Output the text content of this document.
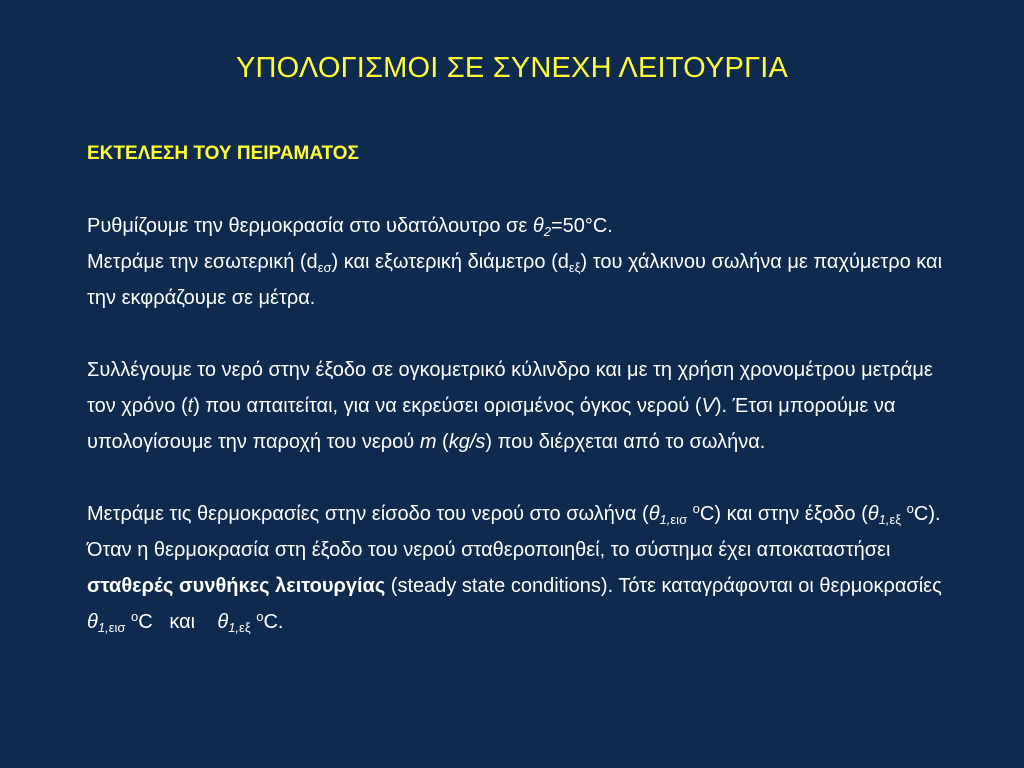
ΥΠΟΛΟΓΙΣΜΟΙ ΣΕ ΣΥΝΕΧΗ ΛΕΙΤΟΥΡΓΙΑ

ΕΚΤΕΛΕΣΗ ΤΟΥ ΠΕΙΡΑΜΑΤΟΣ

Ρυθμίζουμε την θερμοκρασία στο υδατόλουτρο σε $\theta_2=50^\circ C$.
Μετράμε την εσωτερική $(d_{\varepsilon\sigma})$ και εξωτερική διάμετρο $(d_{\varepsilon\xi})$ του χάλκινου σωλήνα με παχύμετρο και την εκφράζουμε σε μέτρα.

Συλλέγουμε το νερό στην έξοδο σε ογκομετρικό κύλινδρο και με τη χρήση χρονομέτρου μετράμε τον χρόνο (t) που απαιτείται, για να εκρεύσει ορισμένος όγκος νερού (V). Έτσι μπορούμε να υπολογίσουμε την παροχή του νερού m (kg/s) που διέρχεται από το σωλήνα.

Μετράμε τις θερμοκρασίες στην είσοδο του νερού στο σωλήνα ($\theta_{1,\varepsilon\iota\sigma}$ $^o$C) και στην έξοδο ($\theta_{1,\varepsilon\xi}$ $^o$C). Όταν η θερμοκρασία στη έξοδο του νερού σταθεροποιηθεί, το σύστημα έχει αποκαταστήσει σταθερές συνθήκες λειτουργίας (steady state conditions). Τότε καταγράφονται οι θερμοκρασίες
$\theta_{1,\varepsilon\iota\sigma}$ $^o$C και $\theta_{1,\varepsilon\xi}$ $^o$C.
